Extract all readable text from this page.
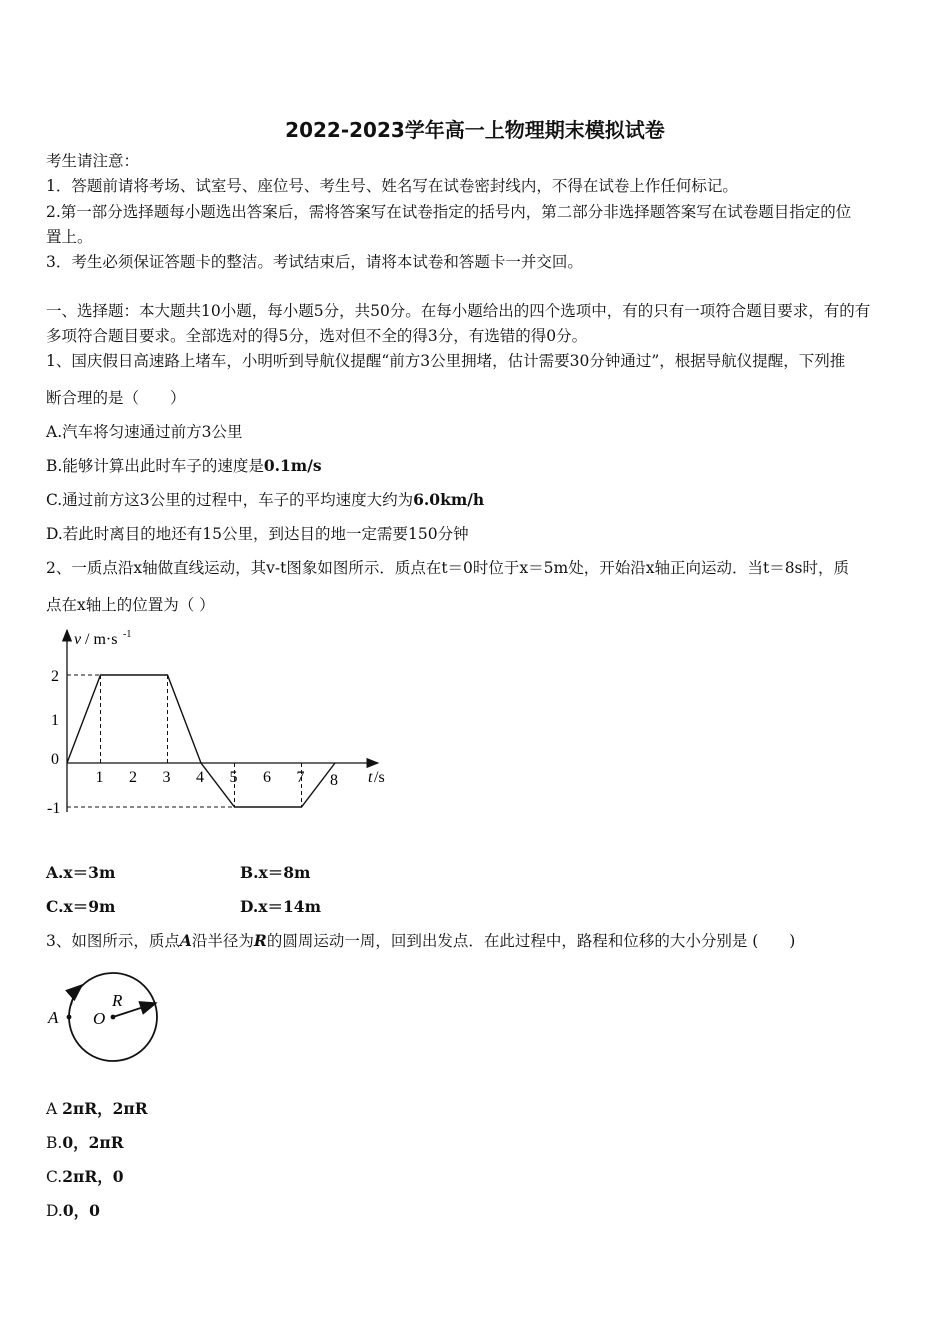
2022-2023学年高一上物理期末模拟试卷
考生请注意：
1．答题前请将考场、试室号、座位号、考生号、姓名写在试卷密封线内，不得在试卷上作任何标记。
2.第一部分选择题每小题选出答案后，需将答案写在试卷指定的括号内，第二部分非选择题答案写在试卷题目指定的位
置上。
3．考生必须保证答题卡的整洁。考试结束后，请将本试卷和答题卡一并交回。
一、选择题：本大题共10小题，每小题5分，共50分。在每小题给出的四个选项中，有的只有一项符合题目要求，有的有
多项符合题目要求。全部选对的得5分，选对但不全的得3分，有选错的得0分。
1、国庆假日高速路上堵车，小明听到导航仪提醒“前方3公里拥堵，估计需要30分钟通过”，根据导航仪提醒，下列推
断合理的是（　　）
A.汽车将匀速通过前方3公里
B.能够计算出此时车子的速度是0.1m/s
C.通过前方这3公里的过程中，车子的平均速度大约为6.0km/h
D.若此时离目的地还有15公里，到达目的地一定需要150分钟
2、一质点沿x轴做直线运动，其v-t图象如图所示．质点在t＝0时位于x＝5m处，开始沿x轴正向运动．当t＝8s时，质
点在x轴上的位置为（ ）
v / m·s -1
t /s
1 2 3 4 5 6 7 8
2
1
0
-1
A.x＝3m	B.x＝8m
C.x＝9m	D.x＝14m
3、如图所示，质点A沿半径为R的圆周运动一周，回到出发点．在此过程中，路程和位移的大小分别是 (　　)
A O
R
A 2πR，2πR
B.0，2πR
C.2πR，0
D.0，0
